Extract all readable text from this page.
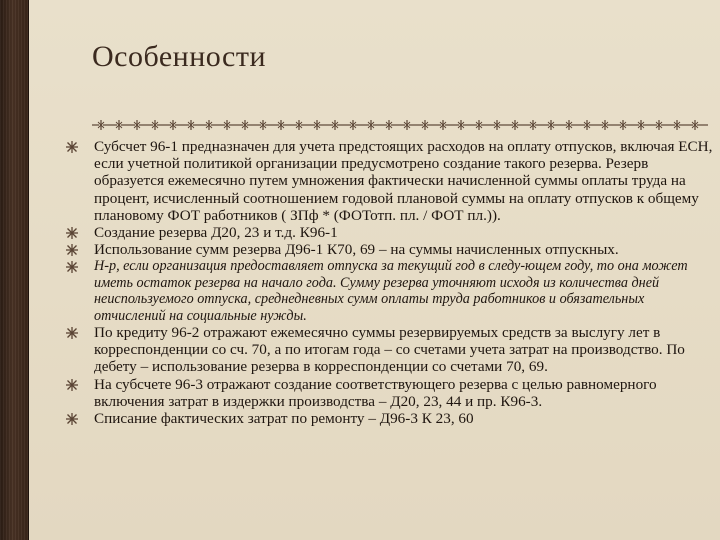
Особенности
Субсчет 96-1 предназначен для учета предстоящих расходов на оплату отпусков, включая ЕСН, если учетной политикой организации предусмотрено создание такого резерва. Резерв образуется ежемесячно путем умножения фактически начисленной суммы оплаты труда на процент, исчисленный соотношением годовой плановой суммы на оплату отпусков к общему плановому ФОТ работников ( ЗПф * (ФОТотп. пл. / ФОТ пл.)).
Создание резерва Д20, 23 и т.д. К96-1
Использование сумм резерва Д96-1 К70, 69 – на суммы начисленных отпускных.
Н-р, если организация предоставляет отпуска за текущий год в следу-ющем году, то она может иметь остаток резерва на начало года. Сумму резерва уточняют исходя из количества дней неиспользуемого отпуска, среднедневных сумм оплаты труда работников и обязательных отчислений на социальные нужды.
По кредиту 96-2 отражают ежемесячно суммы резервируемых средств за выслугу лет в корреспонденции со сч. 70, а по итогам года – со счетами учета затрат на производство. По дебету – использование резерва в корреспонденции со счетами 70, 69.
На субсчете 96-3 отражают создание соответствующего резерва с целью равномерного включения затрат в издержки производства – Д20, 23, 44 и пр. К96-3.
Списание фактических затрат по ремонту – Д96-3 К 23, 60
